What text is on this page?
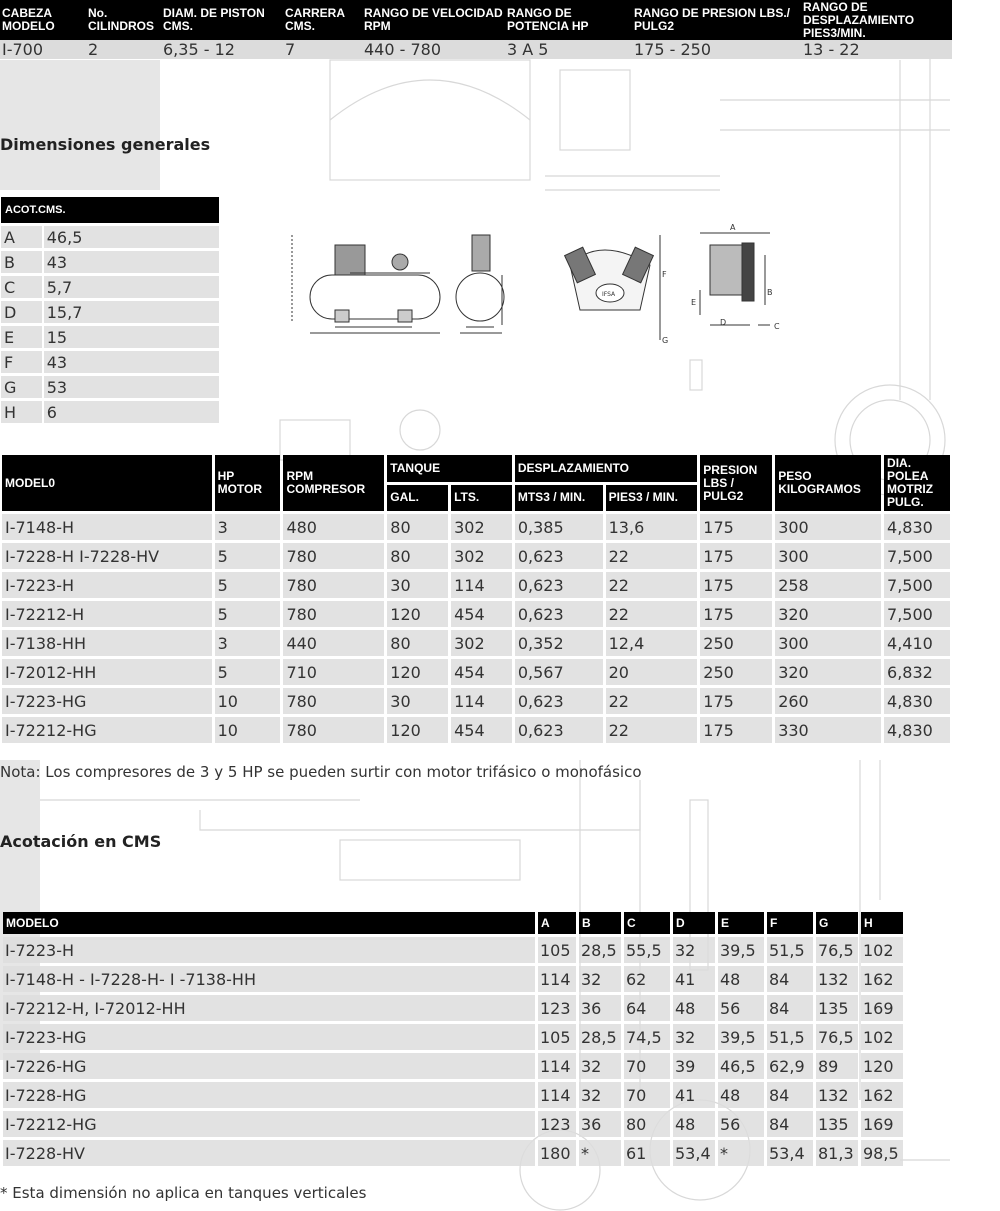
CABEZA MODELO	No. CILINDROS	DIAM. DE PISTON CMS.	CARRERA CMS.	RANGO DE VELOCIDAD RPM	RANGO DE POTENCIA HP	RANGO DE PRESION LBS./ PULG2	RANGO DE DESPLAZAMIENTO PIES3/MIN.
I-700	2	6,35 - 12	7	440 - 780	3 A 5	175 - 250	13 - 22
Dimensiones generales
ACOT.CMS.	
A	46,5
B	43
C	5,7
D	15,7
E	15
F	43
G	53
H	6
A
B
C
D
E
F
G
IFSA
MODEL0	HP MOTOR	RPM COMPRESOR	TANQUE		DESPLAZAMIENTO		PRESION LBS / PULG2	PESO KILOGRAMOS	DIA. POLEA MOTRIZ PULG.
			GAL.	LTS.	MTS3 / MIN.	PIES3 / MIN.			
I-7148-H	3	480	80	302	0,385	13,6	175	300	4,830
I-7228-H I-7228-HV	5	780	80	302	0,623	22	175	300	7,500
I-7223-H	5	780	30	114	0,623	22	175	258	7,500
I-72212-H	5	780	120	454	0,623	22	175	320	7,500
I-7138-HH	3	440	80	302	0,352	12,4	250	300	4,410
I-72012-HH	5	710	120	454	0,567	20	250	320	6,832
I-7223-HG	10	780	30	114	0,623	22	175	260	4,830
I-72212-HG	10	780	120	454	0,623	22	175	330	4,830
Nota: Los compresores de 3 y 5 HP se pueden surtir con motor trifásico o monofásico
Acotación en CMS
MODELO	A	B	C	D	E	F	G	H
I-7223-H	105	28,5	55,5	32	39,5	51,5	76,5	102
I-7148-H - I-7228-H- I -7138-HH	114	32	62	41	48	84	132	162
I-72212-H, I-72012-HH	123	36	64	48	56	84	135	169
I-7223-HG	105	28,5	74,5	32	39,5	51,5	76,5	102
I-7226-HG	114	32	70	39	46,5	62,9	89	120
I-7228-HG	114	32	70	41	48	84	132	162
I-72212-HG	123	36	80	48	56	84	135	169
I-7228-HV	180	*	61	53,4	*	53,4	81,3	98,5
* Esta dimensión no aplica en tanques verticales
